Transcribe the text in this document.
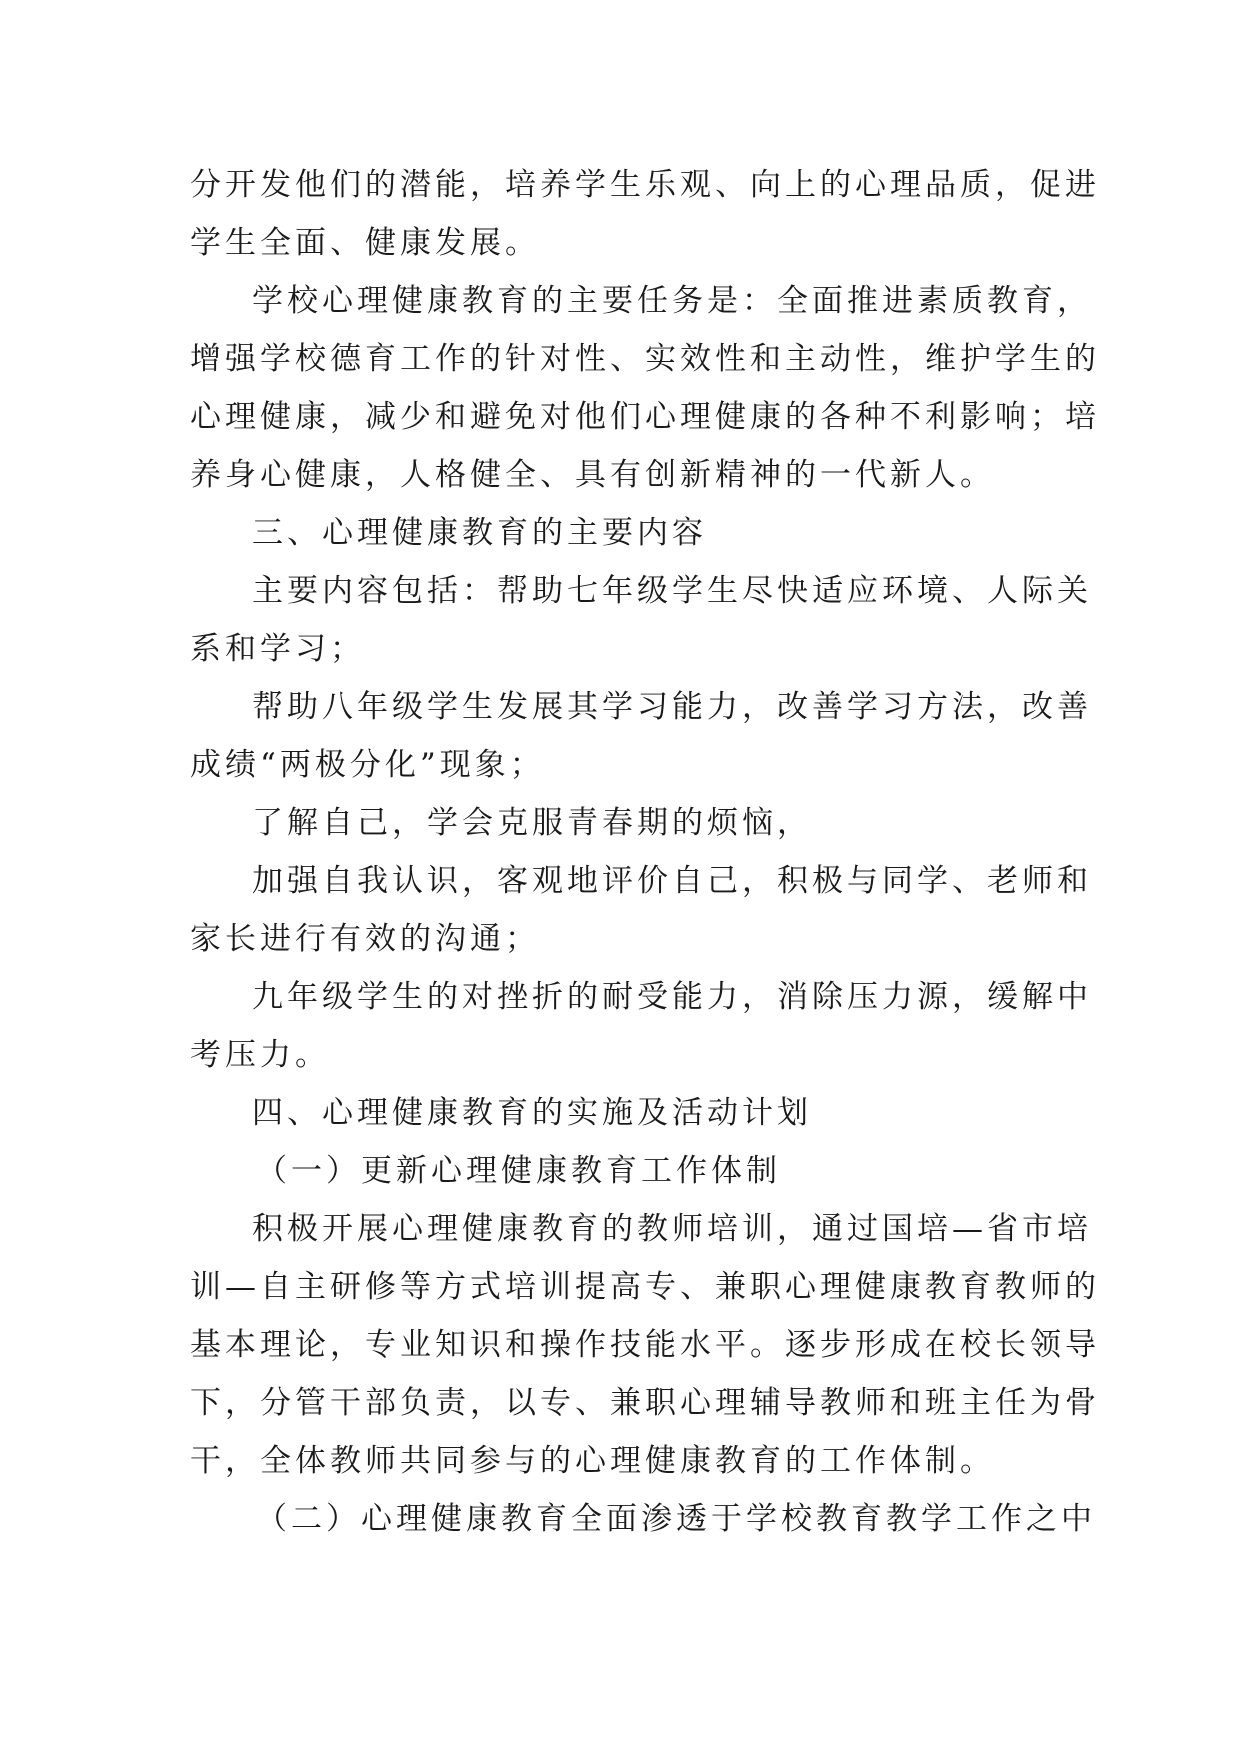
分开发他们的潜能，培养学生乐观、向上的心理品质，促进

学生全面、健康发展。

学校心理健康教育的主要任务是：全面推进素质教育，

增强学校德育工作的针对性、实效性和主动性，维护学生的

心理健康，减少和避免对他们心理健康的各种不利影响；培

养身心健康，人格健全、具有创新精神的一代新人。

三、心理健康教育的主要内容

主要内容包括：帮助七年级学生尽快适应环境、人际关

系和学习；

帮助八年级学生发展其学习能力，改善学习方法，改善

成绩“两极分化”现象；

了解自己，学会克服青春期的烦恼，

加强自我认识，客观地评价自己，积极与同学、老师和

家长进行有效的沟通；

九年级学生的对挫折的耐受能力，消除压力源，缓解中

考压力。

四、心理健康教育的实施及活动计划

（一）更新心理健康教育工作体制

积极开展心理健康教育的教师培训，通过国培—省市培

训—自主研修等方式培训提高专、兼职心理健康教育教师的

基本理论，专业知识和操作技能水平。逐步形成在校长领导

下，分管干部负责，以专、兼职心理辅导教师和班主任为骨

干，全体教师共同参与的心理健康教育的工作体制。

（二）心理健康教育全面渗透于学校教育教学工作之中
